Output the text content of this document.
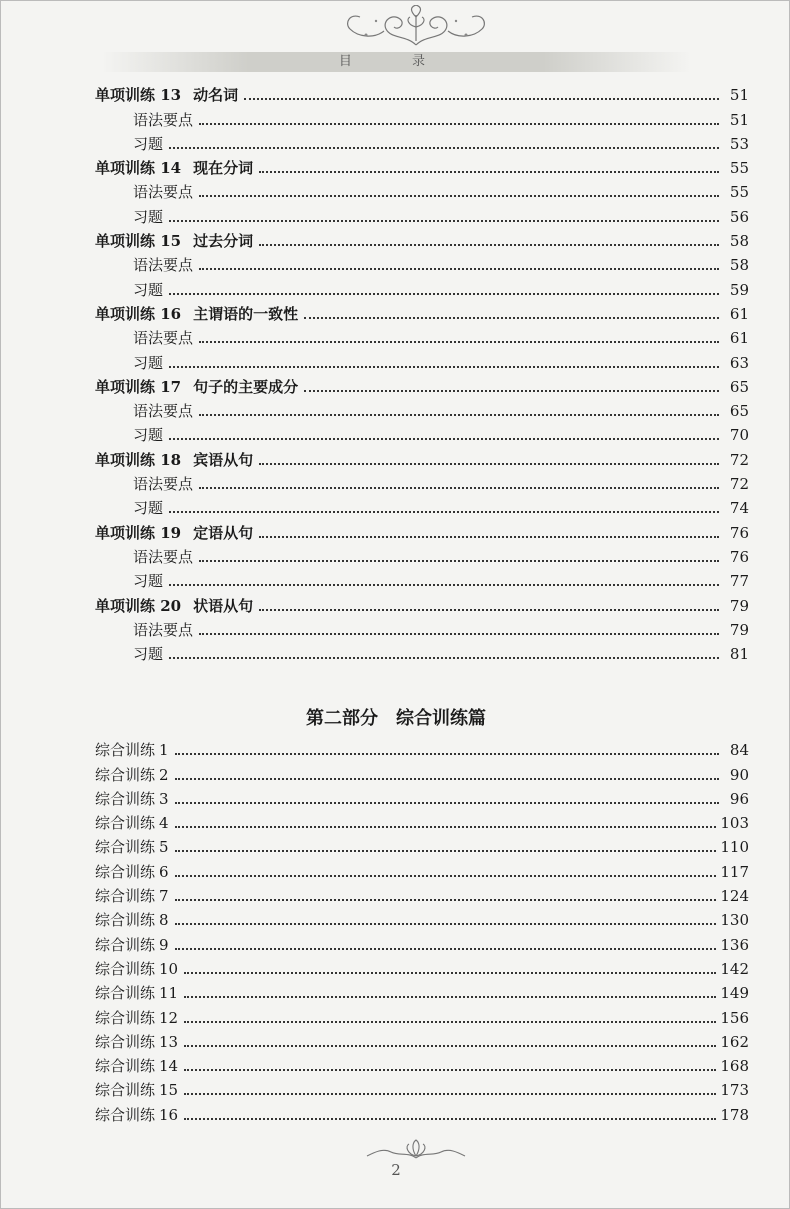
目 录
单项训练 13 动名词	51
语法要点	51
习题	53
单项训练 14 现在分词	55
语法要点	55
习题	56
单项训练 15 过去分词	58
语法要点	58
习题	59
单项训练 16 主谓语的一致性	61
语法要点	61
习题	63
单项训练 17 句子的主要成分	65
语法要点	65
习题	70
单项训练 18 宾语从句	72
语法要点	72
习题	74
单项训练 19 定语从句	76
语法要点	76
习题	77
单项训练 20 状语从句	79
语法要点	79
习题	81
第二部分　综合训练篇
综合训练 1	84
综合训练 2	90
综合训练 3	96
综合训练 4	103
综合训练 5	110
综合训练 6	117
综合训练 7	124
综合训练 8	130
综合训练 9	136
综合训练 10	142
综合训练 11	149
综合训练 12	156
综合训练 13	162
综合训练 14	168
综合训练 15	173
综合训练 16	178
2
